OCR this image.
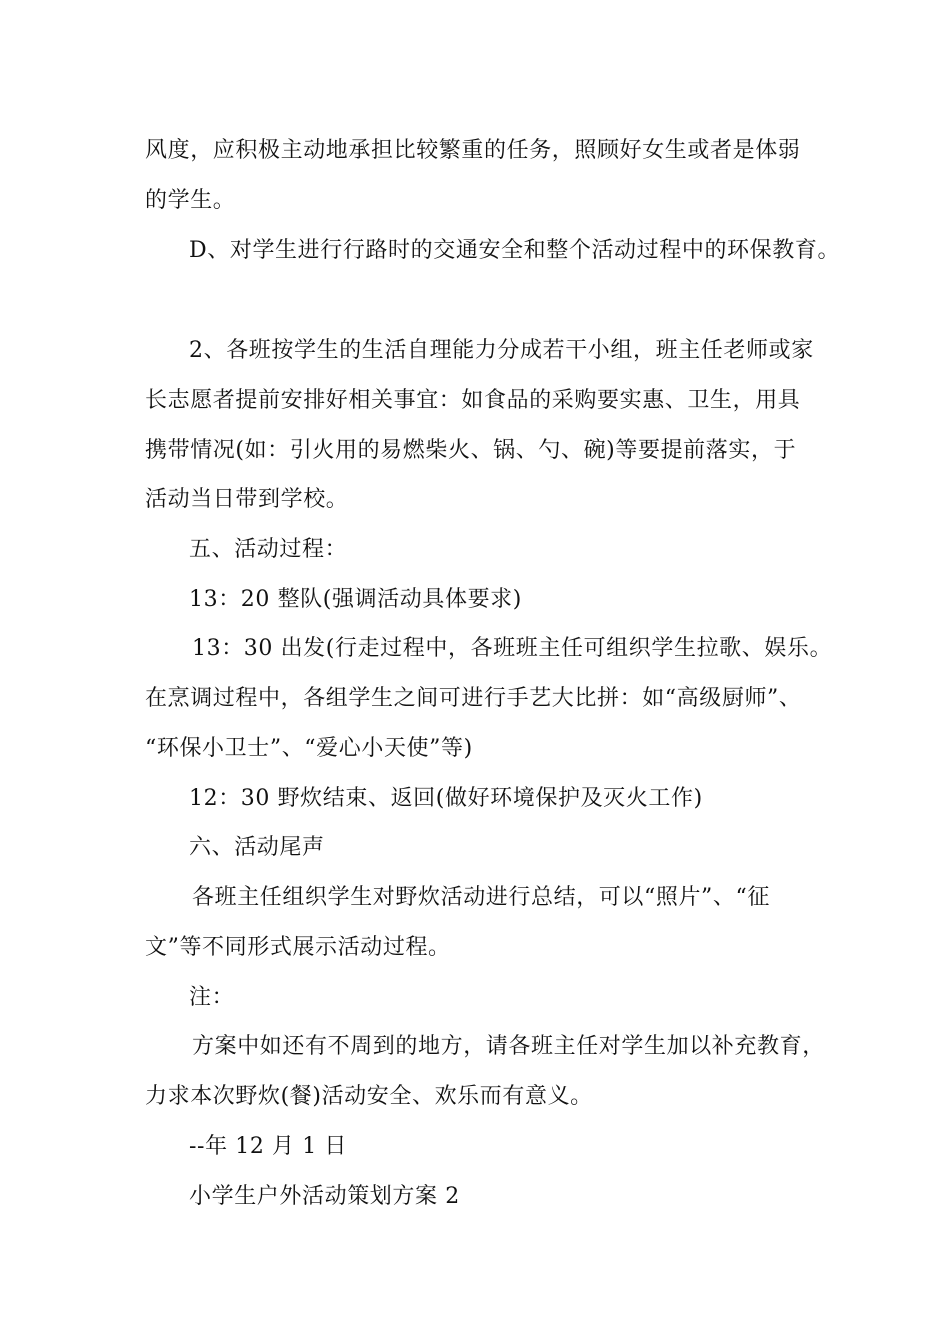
风度，应积极主动地承担比较繁重的任务，照顾好女生或者是体弱
的学生。
D、对学生进行行路时的交通安全和整个活动过程中的环保教育。
2、各班按学生的生活自理能力分成若干小组，班主任老师或家
长志愿者提前安排好相关事宜：如食品的采购要实惠、卫生，用具
携带情况(如：引火用的易燃柴火、锅、勺、碗)等要提前落实，于
活动当日带到学校。
五、活动过程：
13：20 整队(强调活动具体要求)
13：30 出发(行走过程中，各班班主任可组织学生拉歌、娱乐。
在烹调过程中，各组学生之间可进行手艺大比拼：如“高级厨师”、
“环保小卫士”、“爱心小天使”等)
12：30 野炊结束、返回(做好环境保护及灭火工作)
六、活动尾声
各班主任组织学生对野炊活动进行总结，可以“照片”、“征
文”等不同形式展示活动过程。
注：
方案中如还有不周到的地方，请各班主任对学生加以补充教育，
力求本次野炊(餐)活动安全、欢乐而有意义。
--年 12 月 1 日
小学生户外活动策划方案 2
